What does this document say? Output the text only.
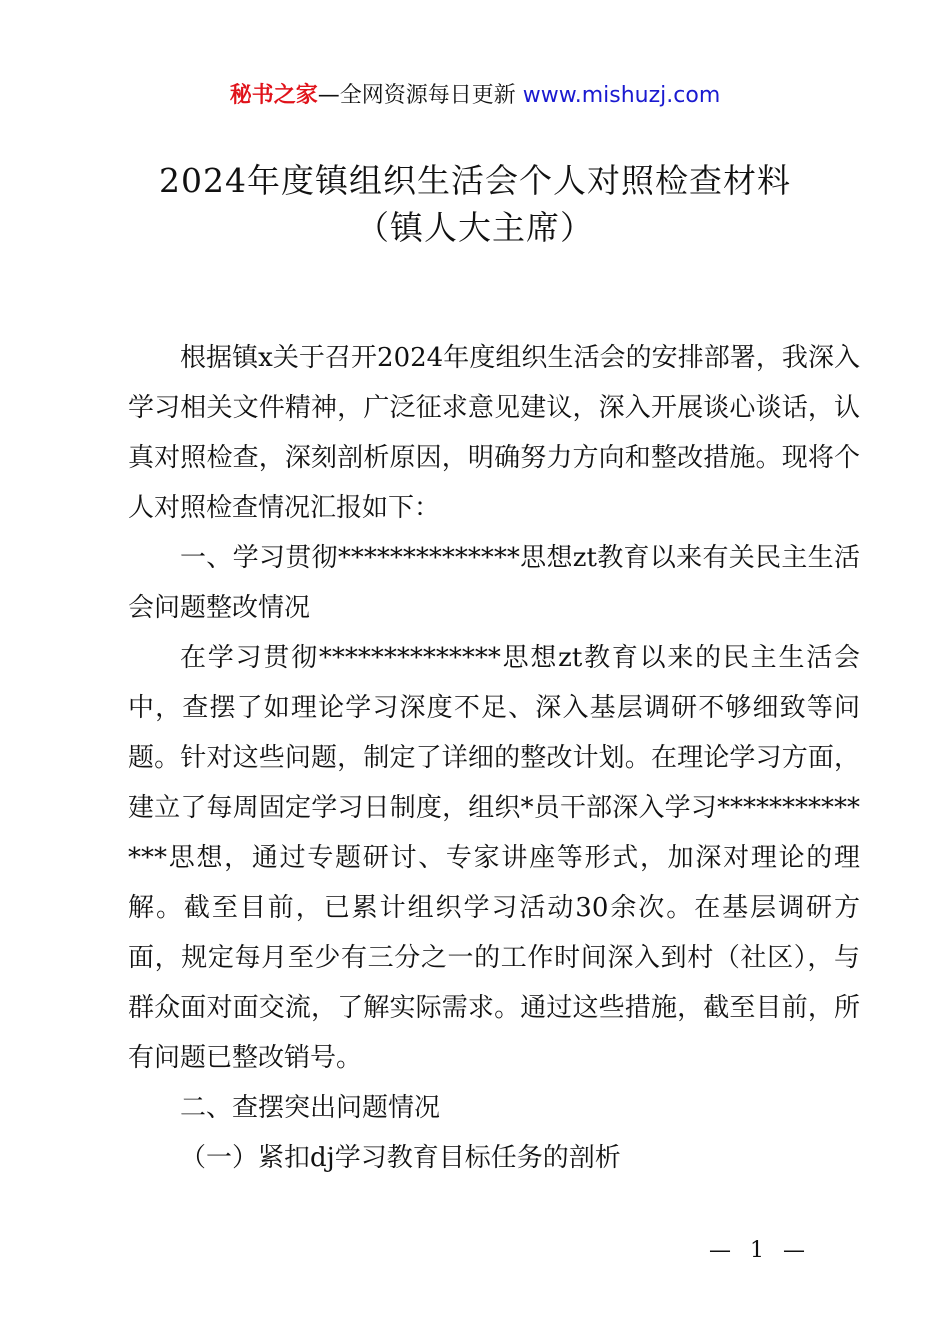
秘书之家—全网资源每日更新 www.mishuzj.com
2024年度镇组织生活会个人对照检查材料
（镇人大主席）

根据镇x关于召开2024年度组织生活会的安排部署，我深入学习相关文件精神，广泛征求意见建议，深入开展谈心谈话，认真对照检查，深刻剖析原因，明确努力方向和整改措施。现将个人对照检查情况汇报如下：

一、学习贯彻**************思想zt教育以来有关民主生活会问题整改情况

在学习贯彻**************思想zt教育以来的民主生活会中，查摆了如理论学习深度不足、深入基层调研不够细致等问题。针对这些问题，制定了详细的整改计划。在理论学习方面，建立了每周固定学习日制度，组织*员干部深入学习**************思想，通过专题研讨、专家讲座等形式，加深对理论的理解。截至目前，已累计组织学习活动30余次。在基层调研方面，规定每月至少有三分之一的工作时间深入到村（社区），与群众面对面交流，了解实际需求。通过这些措施，截至目前，所有问题已整改销号。

二、查摆突出问题情况

（一）紧扣dj学习教育目标任务的剖析

— 1 —
